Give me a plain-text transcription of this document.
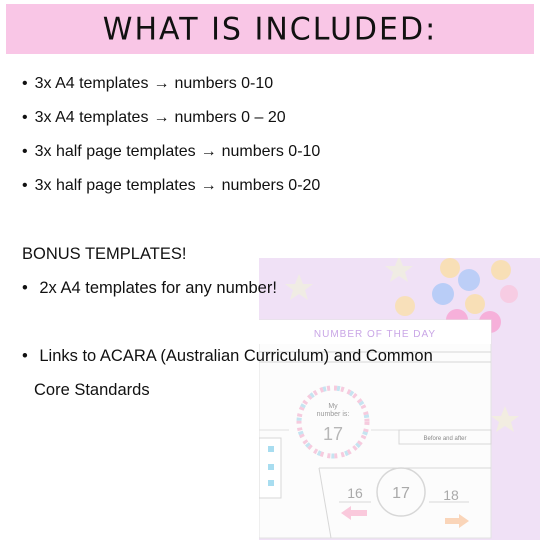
WHAT IS INCLUDED:
• 3x A4 templates → numbers 0-10
• 3x A4 templates → numbers 0 – 20
• 3x half page templates → numbers 0-10
• 3x half page templates → numbers 0-20
NUMBER OF THE DAY
My
number is:
17	Before and after
16 17 18
BONUS TEMPLATES!
• 2x A4 templates for any number!
• Links to ACARA (Australian Curriculum) and Common
Core Standards
